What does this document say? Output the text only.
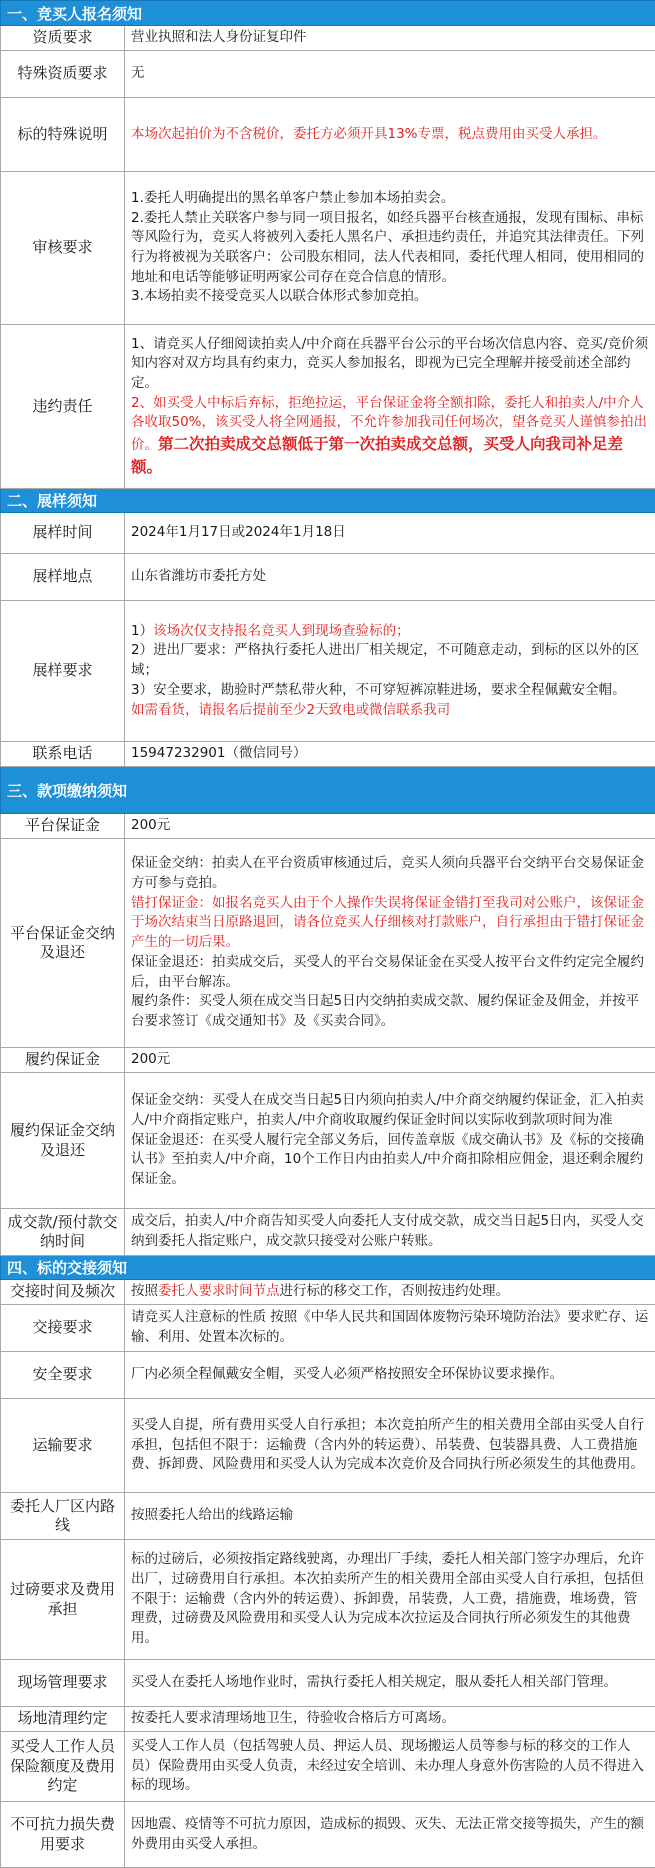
一、竞买人报名须知	
资质要求	营业执照和法人身份证复印件

特殊资质要求	无

标的特殊说明	本场次起拍价为不含税价，委托方必须开具13%专票，税点费用由买受人承担。

审核要求	1.委托人明确提出的黑名单客户禁止参加本场拍卖会。
2.委托人禁止关联客户参与同一项目报名，如经兵器平台核查通报，发现有围标、串标等风险行为，竞买人将被列入委托人黑名户、承担违约责任，并追究其法律责任。下列行为将被视为关联客户：公司股东相同，法人代表相同，委托代理人相同，使用相同的地址和电话等能够证明两家公司存在竞合信息的情形。
3.本场拍卖不接受竞买人以联合体形式参加竞拍。

违约责任	1、请竞买人仔细阅读拍卖人/中介商在兵器平台公示的平台场次信息内容、竞买/竞价须知内容对双方均具有约束力，竞买人参加报名，即视为已完全理解并接受前述全部约定。
2、如买受人中标后弃标，拒绝拉运，平台保证金将全额扣除，委托人和拍卖人/中介人各收取50%，该买受人将全网通报，不允许参加我司任何场次，望各竞买人谨慎参拍出价。第二次拍卖成交总额低于第一次拍卖成交总额，买受人向我司补足差额。

二、展样须知	
展样时间	2024年1月17日或2024年1月18日

展样地点	山东省潍坊市委托方处

展样要求	1）该场次仅支持报名竞买人到现场查验标的；
2）进出厂要求：严格执行委托人进出厂相关规定，不可随意走动，到标的区以外的区域；
3）安全要求，勘验时严禁私带火种，不可穿短裤凉鞋进场，要求全程佩戴安全帽。
如需看货，请报名后提前至少2天致电或微信联系我司

联系电话	15947232901（微信同号）

三、款项缴纳须知	
平台保证金	200元

平台保证金交纳及退还	保证金交纳：拍卖人在平台资质审核通过后，竞买人须向兵器平台交纳平台交易保证金方可参与竞拍。
错打保证金：如报名竞买人由于个人操作失误将保证金错打至我司对公账户，该保证金于场次结束当日原路退回，请各位竞买人仔细核对打款账户，自行承担由于错打保证金产生的一切后果。
保证金退还：拍卖成交后，买受人的平台交易保证金在买受人按平台文件约定完全履约后，由平台解冻。
履约条件：买受人须在成交当日起5日内交纳拍卖成交款、履约保证金及佣金，并按平台要求签订《成交通知书》及《买卖合同》。

履约保证金	200元

履约保证金交纳及退还	保证金交纳：买受人在成交当日起5日内须向拍卖人/中介商交纳履约保证金，汇入拍卖人/中介商指定账户，拍卖人/中介商收取履约保证金时间以实际收到款项时间为准
保证金退还：在买受人履行完全部义务后，回传盖章版《成交确认书》及《标的交接确认书》至拍卖人/中介商，10个工作日内由拍卖人/中介商扣除相应佣金，退还剩余履约保证金。

成交款/预付款交纳时间	成交后，拍卖人/中介商告知买受人向委托人支付成交款，成交当日起5日内，买受人交纳到委托人指定账户，成交款只接受对公账户转账。

四、标的交接须知	
交接时间及频次	按照委托人要求时间节点进行标的移交工作，否则按违约处理。

交接要求	请竞买人注意标的性质 按照《中华人民共和国固体废物污染环境防治法》要求贮存、运输、利用、处置本次标的。

安全要求	厂内必须全程佩戴安全帽，买受人必须严格按照安全环保协议要求操作。

运输要求	买受人自提，所有费用买受人自行承担；本次竞拍所产生的相关费用全部由买受人自行承担，包括但不限于：运输费（含内外的转运费）、吊装费、包装器具费、人工费措施费、拆卸费、风险费用和买受人认为完成本次竞价及合同执行所必须发生的其他费用。

委托人厂区内路线	按照委托人给出的线路运输

过磅要求及费用承担	标的过磅后，必须按指定路线驶离，办理出厂手续，委托人相关部门签字办理后，允许出厂，过磅费用自行承担。本次拍卖所产生的相关费用全部由买受人自行承担，包括但不限于：运输费（含内外的转运费）、拆卸费，吊装费，人工费，措施费，堆场费，管理费，过磅费及风险费用和买受人认为完成本次拉运及合同执行所必须发生的其他费用。

现场管理要求	买受人在委托人场地作业时，需执行委托人相关规定，服从委托人相关部门管理。

场地清理约定	按委托人要求清理场地卫生，待验收合格后方可离场。

买受人工作人员保险额度及费用约定	买受人工作人员（包括驾驶人员、押运人员、现场搬运人员等参与标的移交的工作人员）保险费用由买受人负责，未经过安全培训、未办理人身意外伤害险的人员不得进入标的现场。

不可抗力损失费用要求	因地震、疫情等不可抗力原因，造成标的损毁、灭失、无法正常交接等损失，产生的额外费用由买受人承担。
